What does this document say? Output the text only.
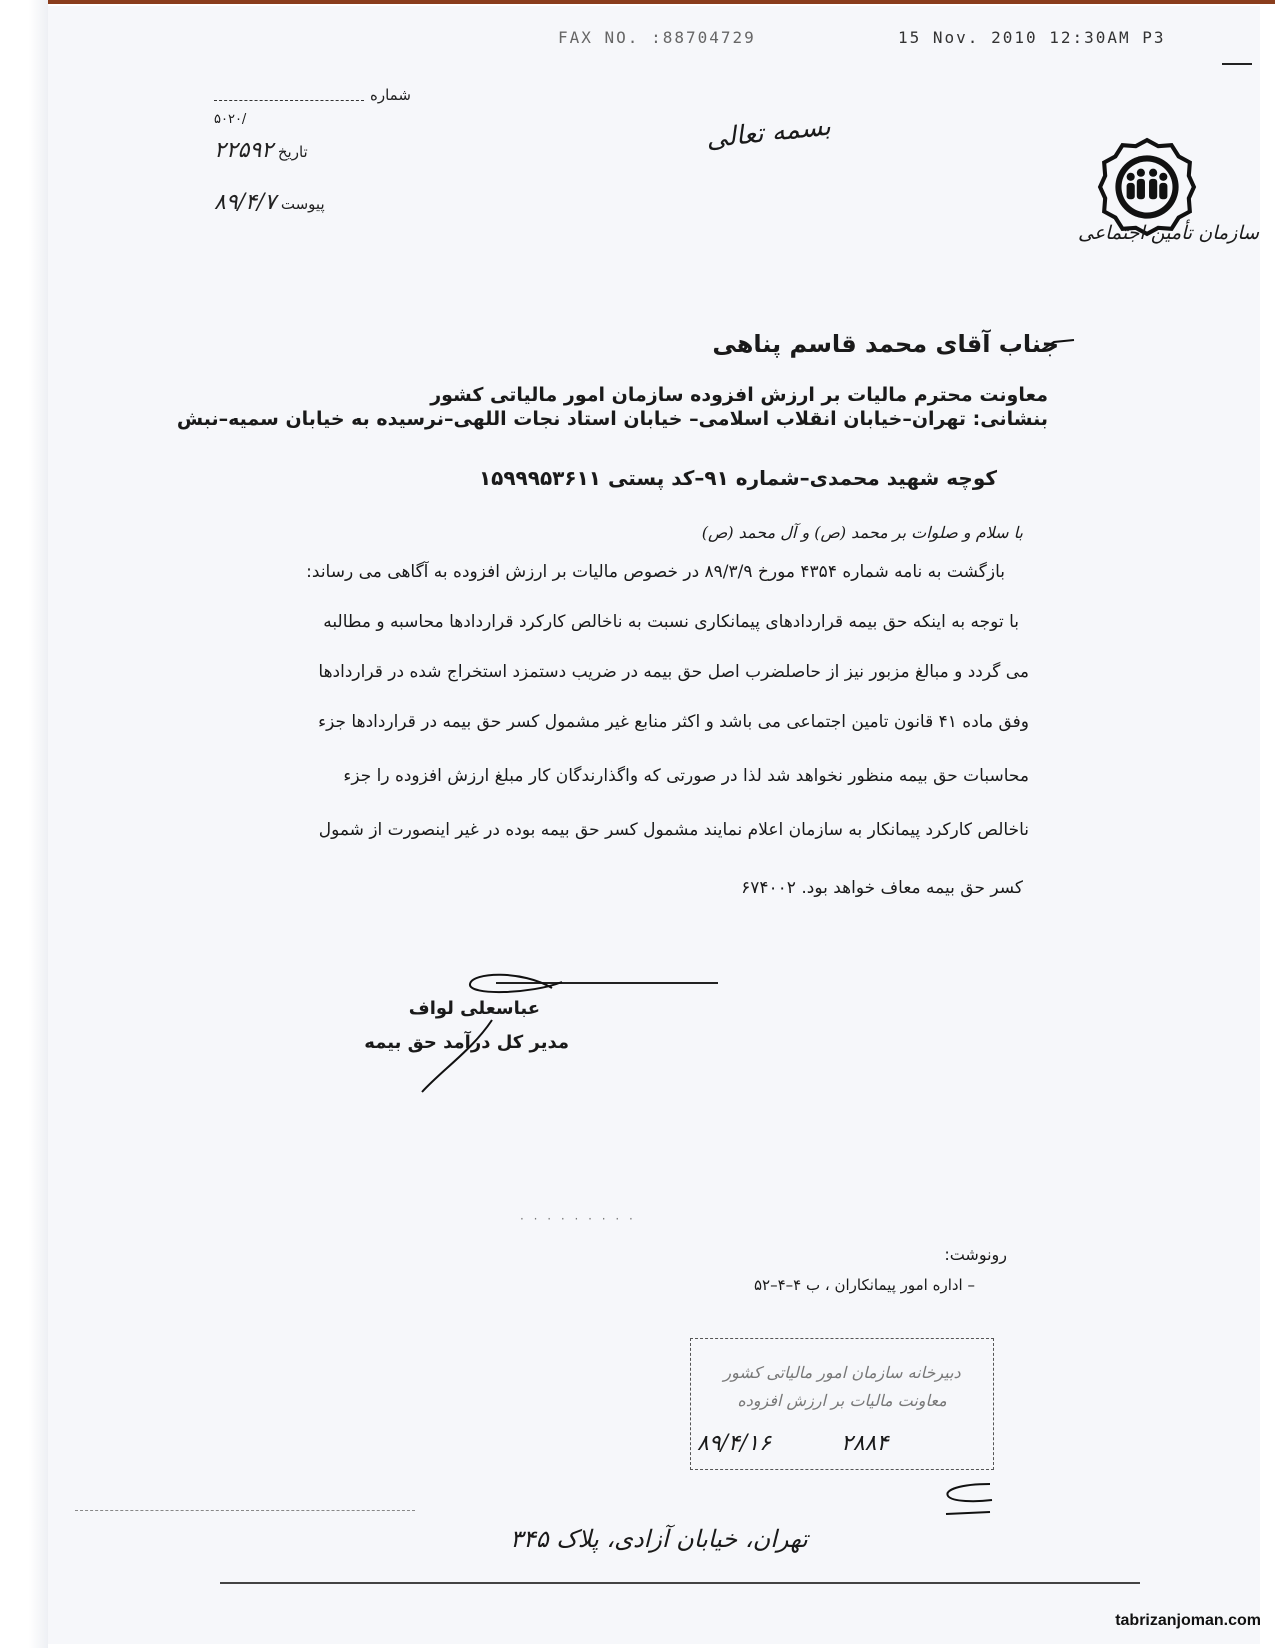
FAX NO. :88704729	15 Nov. 2010 12:30AM P3
شماره
۵۰۲۰/
۲۲۵۹۲ تاریخ
۸۹/۴/۷ پیوست
بسمه تعالی
سازمان تأمین اجتماعی
جناب آقای محمد قاسم پناهی
معاونت محترم مالیات بر ارزش افزوده سازمان امور مالیاتی کشور
بنشانی: تهران–خیابان انقلاب اسلامی– خیابان استاد نجات اللهی–نرسیده به خیابان سمیه–نبش
کوچه شهید محمدی–شماره ۹۱–کد پستی ۱۵۹۹۹۵۳۶۱۱
با سلام و صلوات بر محمد (ص) و آل محمد (ص)
بازگشت به نامه شماره ۴۳۵۴ مورخ ۸۹/۳/۹ در خصوص مالیات بر ارزش افزوده به آگاهی می رساند:
با توجه به اینکه حق بیمه قراردادهای پیمانکاری نسبت به ناخالص کارکرد قراردادها محاسبه و مطالبه
می گردد و مبالغ مزبور نیز از حاصلضرب اصل حق بیمه در ضریب دستمزد استخراج شده در قراردادها
وفق ماده ۴۱ قانون تامین اجتماعی می باشد و اکثر منابع غیر مشمول کسر حق بیمه در قراردادها جزء
محاسبات حق بیمه منظور نخواهد شد لذا در صورتی که واگذارندگان کار مبلغ ارزش افزوده را جزء
ناخالص کارکرد پیمانکار به سازمان اعلام نمایند مشمول کسر حق بیمه بوده در غیر اینصورت از شمول
کسر حق بیمه معاف خواهد بود. ۶۷۴۰۰۲
عباسعلی لواف
مدیر کل درآمد حق بیمه
· · · · · · · · ·
رونوشت:
– اداره امور پیمانکاران ، ب ۴–۴–۵۲
دبیرخانه سازمان امور مالیاتی کشور
معاونت مالیات بر ارزش افزوده
۸۹/۴/۱۶	۲۸۸۴
تهران، خیابان آزادی، پلاک ۳۴۵
tabrizanjoman.com
